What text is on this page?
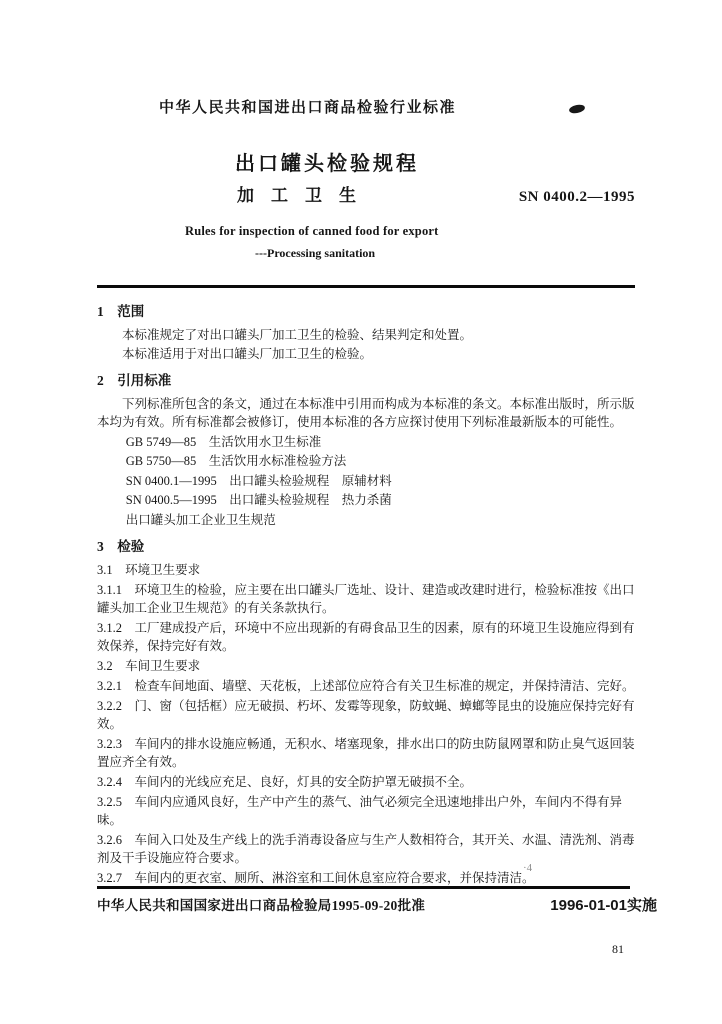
中华人民共和国进出口商品检验行业标准
出口罐头检验规程
加　工　卫　生	SN 0400.2—1995
Rules for inspection of canned food for export
---Processing sanitation
1　范围

本标准规定了对出口罐头厂加工卫生的检验、结果判定和处置。

本标准适用于对出口罐头厂加工卫生的检验。

2　引用标准

下列标准所包含的条文，通过在本标准中引用而构成为本标准的条文。本标准出版时，所示版本均为有效。所有标准都会被修订，使用本标准的各方应探讨使用下列标准最新版本的可能性。

GB 5749—85　生活饮用水卫生标准

GB 5750—85　生活饮用水标准检验方法

SN 0400.1—1995　出口罐头检验规程　原辅材料

SN 0400.5—1995　出口罐头检验规程　热力杀菌

出口罐头加工企业卫生规范

3　检验

3.1　环境卫生要求

3.1.1　环境卫生的检验，应主要在出口罐头厂选址、设计、建造或改建时进行，检验标准按《出口罐头加工企业卫生规范》的有关条款执行。

3.1.2　工厂建成投产后，环境中不应出现新的有碍食品卫生的因素，原有的环境卫生设施应得到有效保养，保持完好有效。

3.2　车间卫生要求

3.2.1　检查车间地面、墙壁、天花板，上述部位应符合有关卫生标准的规定，并保持清洁、完好。

3.2.2　门、窗（包括框）应无破损、朽坏、发霉等现象，防蚊蝇、蟑螂等昆虫的设施应保持完好有效。

3.2.3　车间内的排水设施应畅通，无积水、堵塞现象，排水出口的防虫防鼠网罩和防止臭气返回装置应齐全有效。

3.2.4　车间内的光线应充足、良好，灯具的安全防护罩无破损不全。

3.2.5　车间内应通风良好，生产中产生的蒸气、油气必须完全迅速地排出户外，车间内不得有异味。

3.2.6　车间入口处及生产线上的洗手消毒设备应与生产人数相符合，其开关、水温、清洗剂、消毒剂及干手设施应符合要求。

3.2.7　车间内的更衣室、厕所、淋浴室和工间休息室应符合要求，并保持清洁。

·4
中华人民共和国国家进出口商品检验局1995-09-20批准	1996-01-01实施
81
